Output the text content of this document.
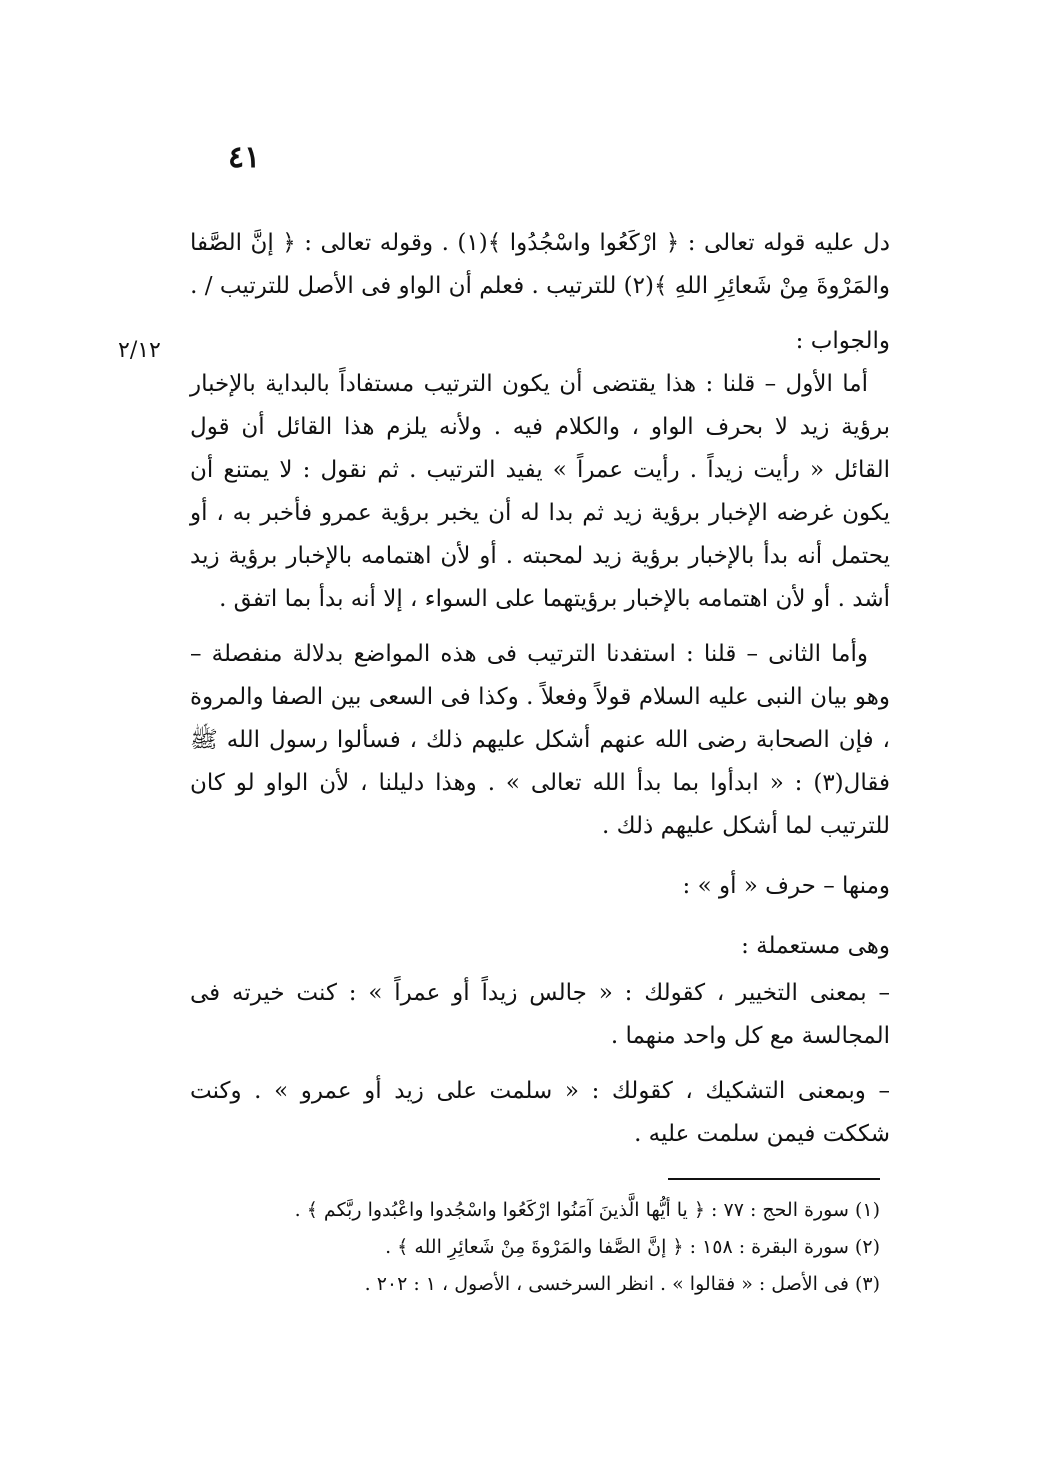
٤١
٢/١٢

دل عليه قوله تعالى : ﴿ ارْكَعُوا واسْجُدُوا ﴾(١) . وقوله تعالى : ﴿ إنَّ الصَّفا والمَرْوةَ مِنْ شَعائِرِ اللهِ ﴾(٢) للترتيب . فعلم أن الواو فى الأصل للترتيب / .

والجواب :

أما الأول – قلنا : هذا يقتضى أن يكون الترتيب مستفاداً بالبداية بالإخبار برؤية زيد لا بحرف الواو ، والكلام فيه . ولأنه يلزم هذا القائل أن قول القائل « رأيت زيداً . رأيت عمراً » يفيد الترتيب . ثم نقول : لا يمتنع أن يكون غرضه الإخبار برؤية زيد ثم بدا له أن يخبر برؤية عمرو فأخبر به ، أو يحتمل أنه بدأ بالإخبار برؤية زيد لمحبته . أو لأن اهتمامه بالإخبار برؤية زيد أشد . أو لأن اهتمامه بالإخبار برؤيتهما على السواء ، إلا أنه بدأ بما اتفق .

وأما الثانى – قلنا : استفدنا الترتيب فى هذه المواضع بدلالة منفصلة – وهو بيان النبى عليه السلام قولاً وفعلاً . وكذا فى السعى بين الصفا والمروة ، فإن الصحابة رضى الله عنهم أشكل عليهم ذلك ، فسألوا رسول الله ﷺ فقال(٣) : « ابدأوا بما بدأ الله تعالى » . وهذا دليلنا ، لأن الواو لو كان للترتيب لما أشكل عليهم ذلك .

ومنها – حرف « أو » :

وهى مستعملة :

– بمعنى التخيير ، كقولك : « جالس زيداً أو عمراً » : كنت خيرته فى المجالسة مع كل واحد منهما .

– وبمعنى التشكيك ، كقولك : « سلمت على زيد أو عمرو » . وكنت شككت فيمن سلمت عليه .

(١) سورة الحج : ٧٧ : ﴿ يا أيُّها الَّذينَ آمَنُوا ارْكَعُوا واسْجُدوا واعْبُدوا ربَّكم ﴾ .

(٢) سورة البقرة : ١٥٨ : ﴿ إنَّ الصَّفا والمَرْوةَ مِنْ شَعائِرِ الله ﴾ .

(٣) فى الأصل : « فقالوا » . انظر السرخسى ، الأصول ، ١ : ٢٠٢ .
